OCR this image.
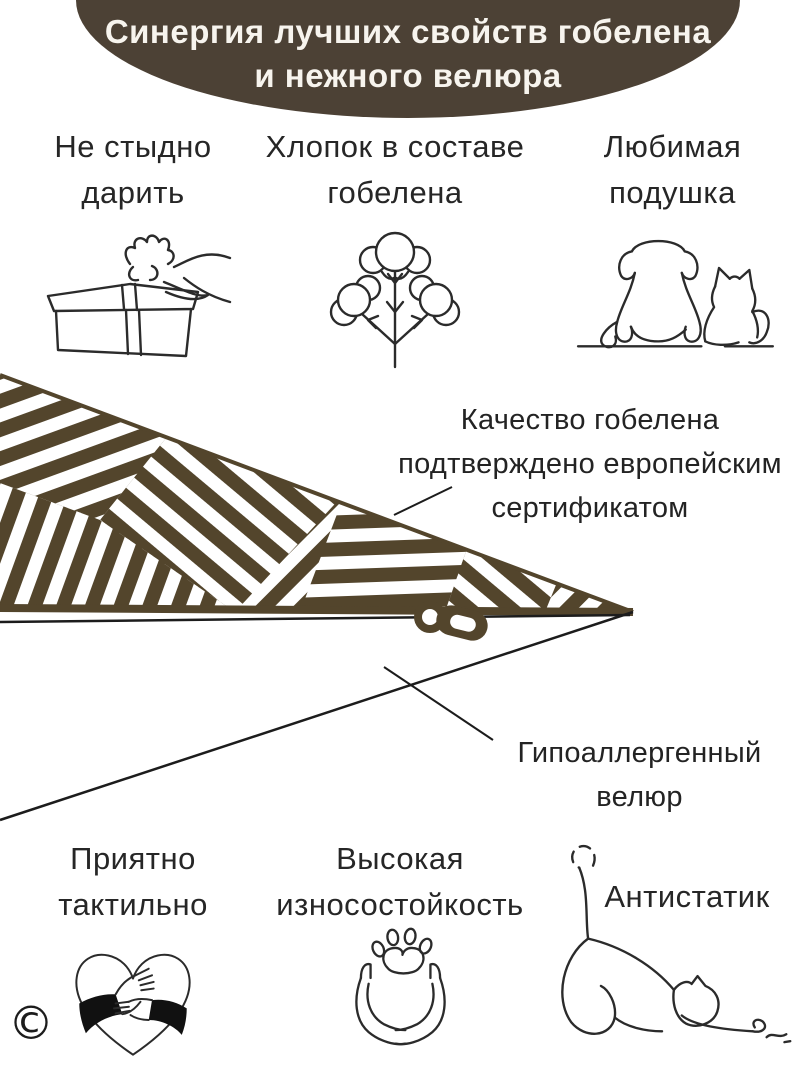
Синергия лучших свойств гобелена
и нежного велюра
Не стыдно
дарить
Хлопок в составе
гобелена
Любимая
подушка
Качество гобелена
подтверждено европейским
сертификатом
Гипоаллергенный
велюр
Приятно
тактильно
Высокая
износостойкость	Антистатик
©
